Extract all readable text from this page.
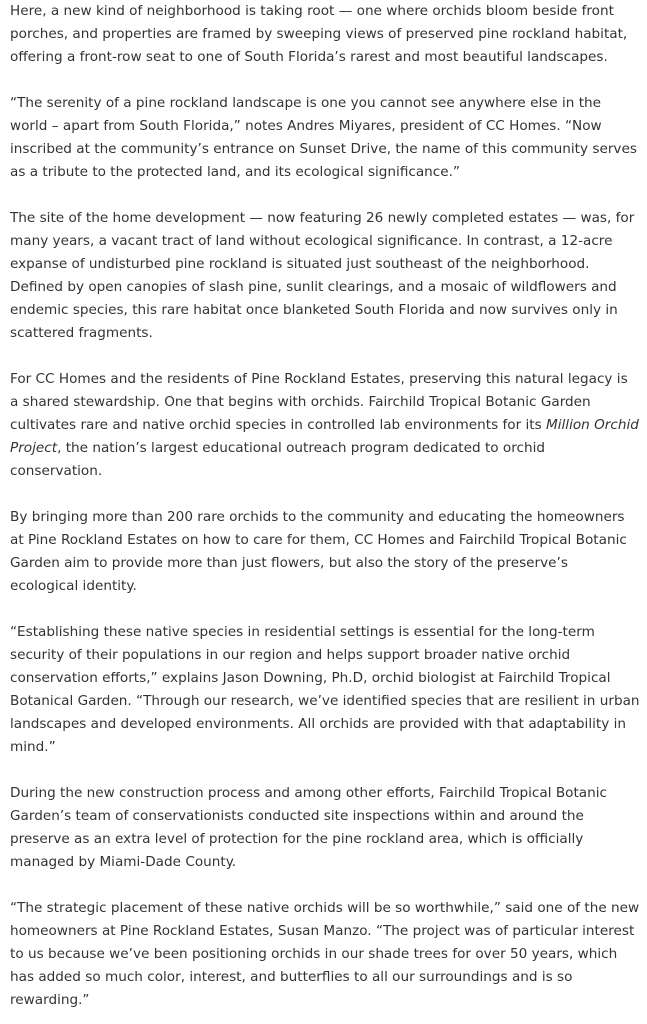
Here, a new kind of neighborhood is taking root — one where orchids bloom beside front porches, and properties are framed by sweeping views of preserved pine rockland habitat, offering a front-row seat to one of South Florida’s rarest and most beautiful landscapes.

“The serenity of a pine rockland landscape is one you cannot see anywhere else in the world – apart from South Florida,” notes Andres Miyares, president of CC Homes. “Now inscribed at the community’s entrance on Sunset Drive, the name of this community serves as a tribute to the protected land, and its ecological significance.”

The site of the home development — now featuring 26 newly completed estates — was, for many years, a vacant tract of land without ecological significance. In contrast, a 12-acre expanse of undisturbed pine rockland is situated just southeast of the neighborhood. Defined by open canopies of slash pine, sunlit clearings, and a mosaic of wildflowers and endemic species, this rare habitat once blanketed South Florida and now survives only in scattered fragments.

For CC Homes and the residents of Pine Rockland Estates, preserving this natural legacy is a shared stewardship. One that begins with orchids. Fairchild Tropical Botanic Garden cultivates rare and native orchid species in controlled lab environments for its Million Orchid Project, the nation’s largest educational outreach program dedicated to orchid conservation.

By bringing more than 200 rare orchids to the community and educating the homeowners at Pine Rockland Estates on how to care for them, CC Homes and Fairchild Tropical Botanic Garden aim to provide more than just flowers, but also the story of the preserve’s ecological identity.

“Establishing these native species in residential settings is essential for the long-term security of their populations in our region and helps support broader native orchid conservation efforts,” explains Jason Downing, Ph.D, orchid biologist at Fairchild Tropical Botanical Garden. “Through our research, we’ve identified species that are resilient in urban landscapes and developed environments. All orchids are provided with that adaptability in mind.”

During the new construction process and among other efforts, Fairchild Tropical Botanic Garden’s team of conservationists conducted site inspections within and around the preserve as an extra level of protection for the pine rockland area, which is officially managed by Miami-Dade County.

“The strategic placement of these native orchids will be so worthwhile,” said one of the new homeowners at Pine Rockland Estates, Susan Manzo. “The project was of particular interest to us because we’ve been positioning orchids in our shade trees for over 50 years, which has added so much color, interest, and butterflies to all our surroundings and is so rewarding.”
